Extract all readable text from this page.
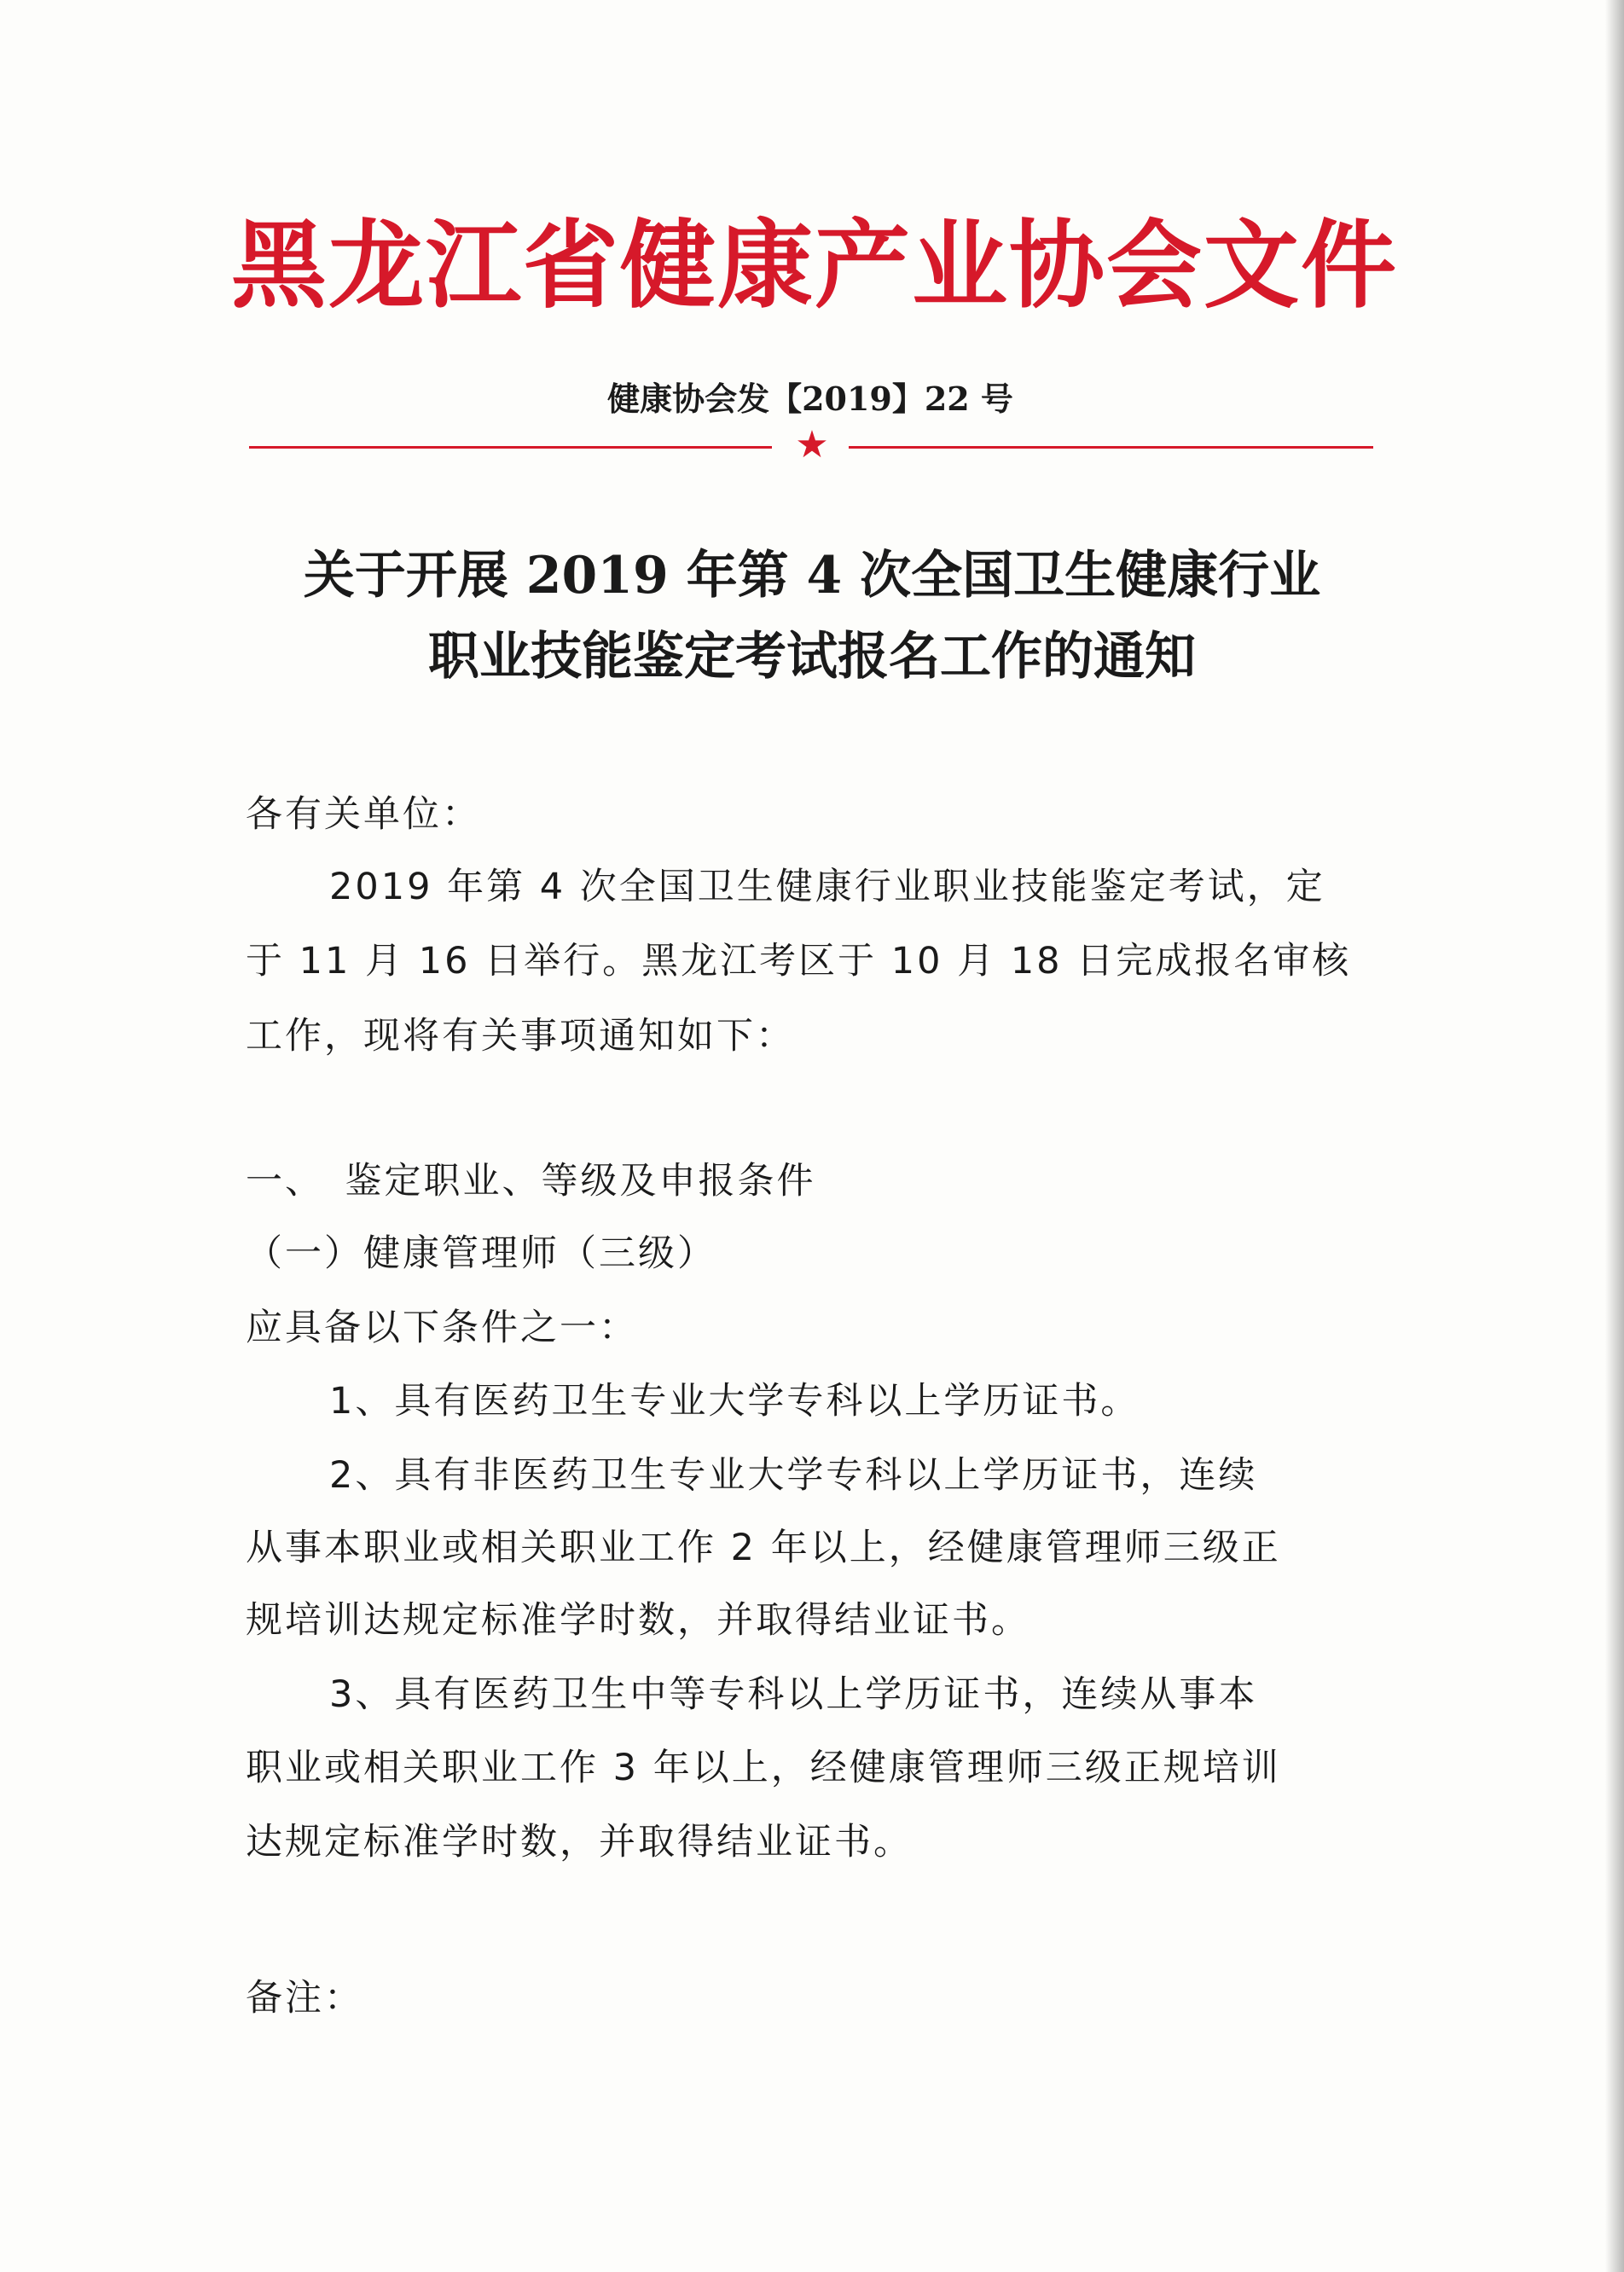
黑龙江省健康产业协会文件
健康协会发【2019】22 号
★
关于开展 2019 年第 4 次全国卫生健康行业
职业技能鉴定考试报名工作的通知
各有关单位：
2019 年第 4 次全国卫生健康行业职业技能鉴定考试，定
于 11 月 16 日举行。黑龙江考区于 10 月 18 日完成报名审核
工作，现将有关事项通知如下：
一、　鉴定职业、等级及申报条件
（一）健康管理师（三级）
应具备以下条件之一：
1、具有医药卫生专业大学专科以上学历证书。
2、具有非医药卫生专业大学专科以上学历证书，连续
从事本职业或相关职业工作 2 年以上，经健康管理师三级正
规培训达规定标准学时数，并取得结业证书。
3、具有医药卫生中等专科以上学历证书，连续从事本
职业或相关职业工作 3 年以上，经健康管理师三级正规培训
达规定标准学时数，并取得结业证书。
备注：
